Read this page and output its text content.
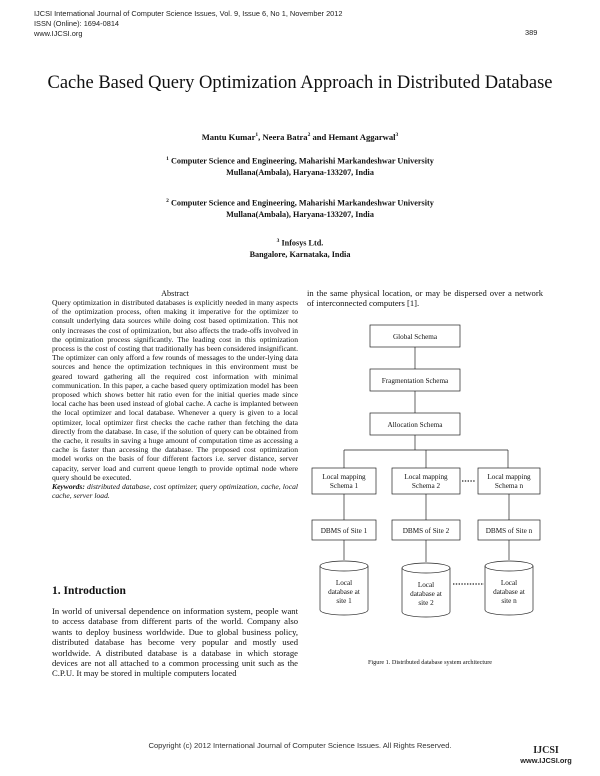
IJCSI International Journal of Computer Science Issues, Vol. 9, Issue 6, No 1, November 2012
ISSN (Online): 1694-0814
www.IJCSI.org	389
Cache Based Query Optimization Approach in Distributed Database
Mantu Kumar$^1$, Neera Batra$^2$ and Hemant Aggarwal$^3$
$^1$ Computer Science and Engineering, Maharishi Markandeshwar University
Mullana(Ambala), Haryana-133207, India
$^2$ Computer Science and Engineering, Maharishi Markandeshwar University
Mullana(Ambala), Haryana-133207, India
$^3$ Infosys Ltd.
Bangalore, Karnataka, India
Abstract

Query optimization in distributed databases is explicitly needed in many aspects of the optimization process, often making it imperative for the optimizer to consult underlying data sources while doing cost based optimization. This not only increases the cost of optimization, but also affects the trade-offs involved in the optimization process significantly. The leading cost in this optimization process is the cost of costing that traditionally has been considered insignificant. The optimizer can only afford a few rounds of messages to the under-lying data sources and hence the optimization techniques in this environment must be geared toward gathering all the required cost information with minimal communication. In this paper, a cache based query optimization model has been proposed which shows better hit ratio even for the initial queries made since local cache has been used instead of global cache. A cache is implanted between the local optimizer and local database. Whenever a query is given to a local optimizer, local optimizer first checks the cache rather than fetching the data directly from the database. In case, if the solution of query can be obtained from the cache, it results in saving a huge amount of computation time as accessing a cache is faster than accessing the database. The proposed cost optimization model works on the basis of four different factors i.e. server distance, server capacity, server load and current queue length to provide optimal node where query should be executed.

Keywords: distributed database, cost optimizer, query optimization, cache, local cache, server load.

1. Introduction
In world of universal dependence on information system, people want to access database from different parts of the world. Company also wants to deploy business worldwide. Due to global business policy, distributed database has become very popular and mostly used worldwide. A distributed database is a database in which storage devices are not all attached to a common processing unit such as the C.P.U. It may be stored in multiple computers located
in the same physical location, or may be dispersed over a network of interconnected computers [1].
Global Schema
Fragmentation Schema
Allocation Schema
Local mapping
Schema 1
Local mapping
Schema 2
Local mapping
Schema n
DBMS of Site 1	DBMS of Site 2	DBMS of Site n
Local
database at
site 1
Local
database at
site 2
Local
database at
site n
Figure 1. Distributed database system architecture
Copyright (c) 2012 International Journal of Computer Science Issues. All Rights Reserved.	IJCSI
www.IJCSI.org
